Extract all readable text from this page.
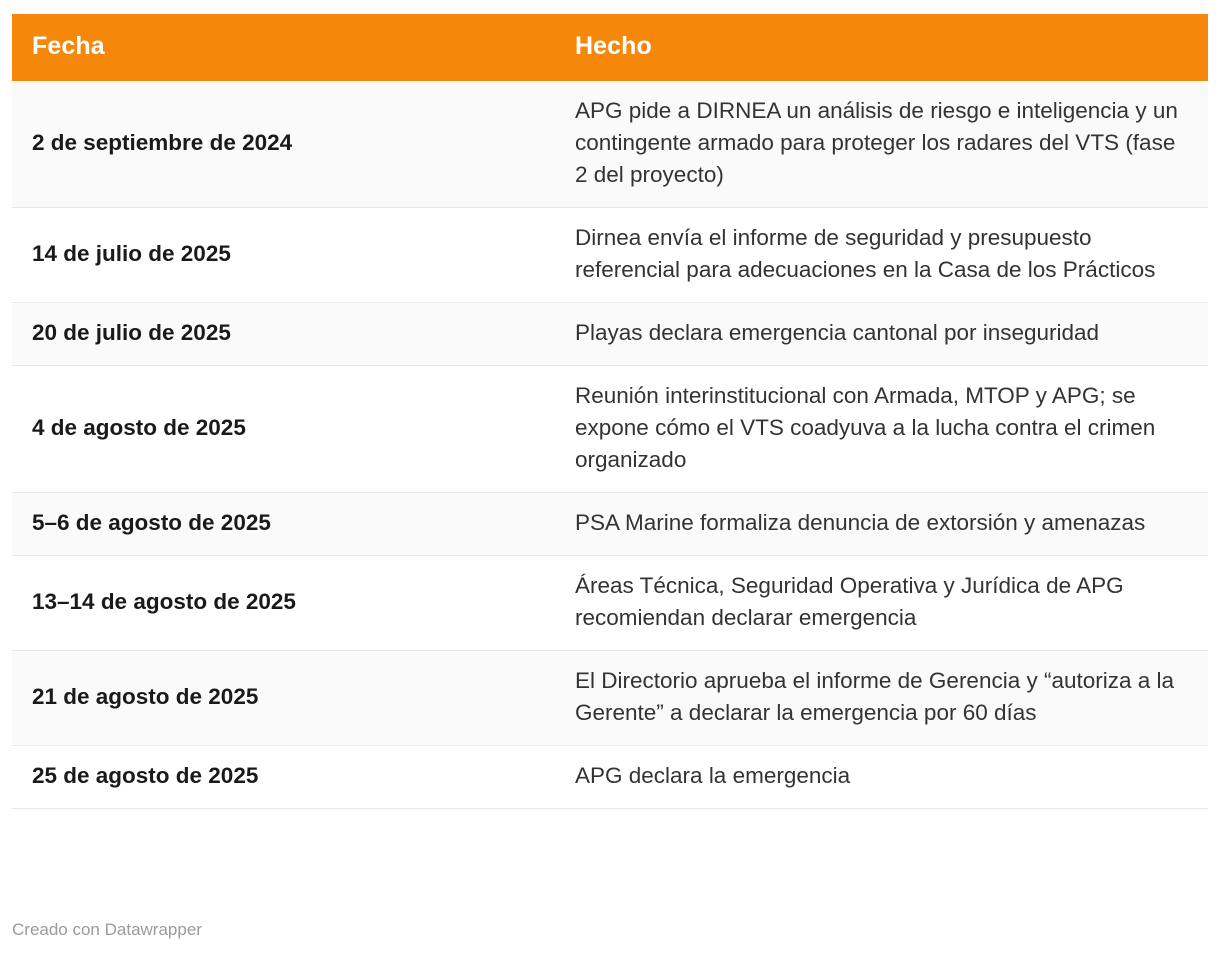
Fecha	Hecho
2 de septiembre de 2024	APG pide a DIRNEA un análisis de riesgo e inteligencia y un contingente armado para proteger los radares del VTS (fase 2 del proyecto)
14 de julio de 2025	Dirnea envía el informe de seguridad y presupuesto referencial para adecuaciones en la Casa de los Prácticos
20 de julio de 2025	Playas declara emergencia cantonal por inseguridad
4 de agosto de 2025	Reunión interinstitucional con Armada, MTOP y APG; se expone cómo el VTS coadyuva a la lucha contra el crimen organizado
5–6 de agosto de 2025	PSA Marine formaliza denuncia de extorsión y amenazas
13–14 de agosto de 2025	Áreas Técnica, Seguridad Operativa y Jurídica de APG recomiendan declarar emergencia
21 de agosto de 2025	El Directorio aprueba el informe de Gerencia y “autoriza a la Gerente” a declarar la emergencia por 60 días
25 de agosto de 2025	APG declara la emergencia
Creado con Datawrapper
